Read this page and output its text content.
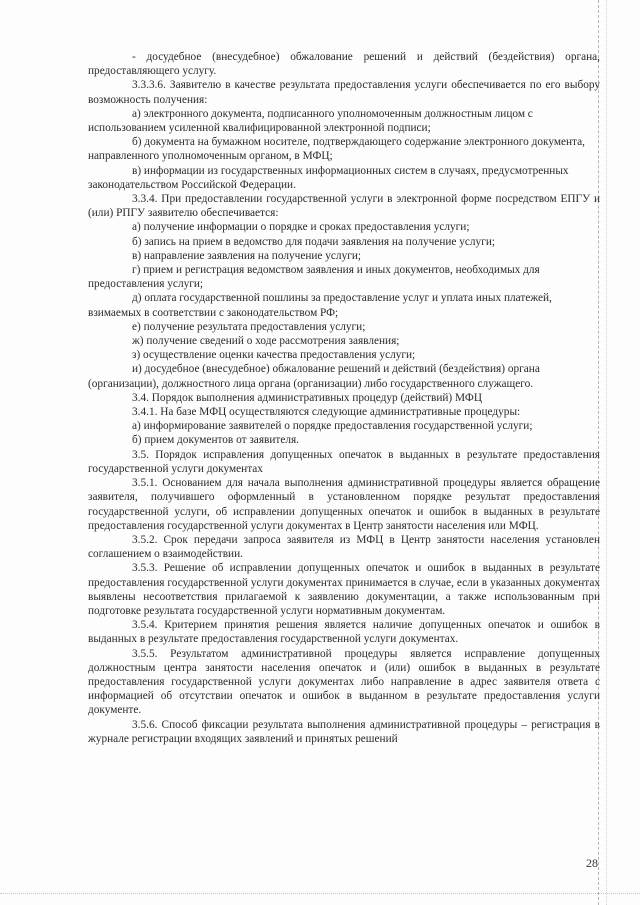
- досудебное (внесудебное) обжалование решений и действий (бездействия) органа, предоставляющего услугу.

3.3.3.6. Заявителю в качестве результата предоставления услуги обеспечивается по его выбору возможность получения:

а) электронного документа, подписанного уполномоченным должностным лицом с использованием усиленной квалифицированной электронной подписи;

б) документа на бумажном носителе, подтверждающего содержание электронного документа, направленного уполномоченным органом, в МФЦ;

в) информации из государственных информационных систем в случаях, предусмотренных законодательством Российской Федерации.

3.3.4. При предоставлении государственной услуги в электронной форме посредством ЕПГУ и (или) РПГУ заявителю обеспечивается:

а) получение информации о порядке и сроках предоставления услуги;

б) запись на прием в ведомство для подачи заявления на получение услуги;

в) направление заявления на получение услуги;

г) прием и регистрация ведомством заявления и иных документов, необходимых для предоставления услуги;

д) оплата государственной пошлины за предоставление услуг и уплата иных платежей, взимаемых в соответствии с законодательством РФ;

е) получение результата предоставления услуги;

ж) получение сведений о ходе рассмотрения заявления;

з) осуществление оценки качества предоставления услуги;

и) досудебное (внесудебное) обжалование решений и действий (бездействия) органа (организации), должностного лица органа (организации) либо государственного служащего.

3.4. Порядок выполнения административных процедур (действий) МФЦ

3.4.1. На базе МФЦ осуществляются следующие административные процедуры:

а) информирование заявителей о порядке предоставления государственной услуги;

б) прием документов от заявителя.

3.5. Порядок исправления допущенных опечаток в выданных в результате предоставления государственной услуги документах

3.5.1. Основанием для начала выполнения административной процедуры является обращение заявителя, получившего оформленный в установленном порядке результат предоставления государственной услуги, об исправлении допущенных опечаток и ошибок в выданных в результате предоставления государственной услуги документах в Центр занятости населения или МФЦ.

3.5.2. Срок передачи запроса заявителя из МФЦ в Центр занятости населения установлен соглашением о взаимодействии.

3.5.3. Решение об исправлении допущенных опечаток и ошибок в выданных в результате предоставления государственной услуги документах принимается в случае, если в указанных документах выявлены несоответствия прилагаемой к заявлению документации, а также использованным при подготовке результата государственной услуги нормативным документам.

3.5.4. Критерием принятия решения является наличие допущенных опечаток и ошибок в выданных в результате предоставления государственной услуги документах.

3.5.5. Результатом административной процедуры является исправление допущенных должностным центра занятости населения опечаток и (или) ошибок в выданных в результате предоставления государственной услуги документах либо направление в адрес заявителя ответа с информацией об отсутствии опечаток и ошибок в выданном в результате предоставления услуги документе.

3.5.6. Способ фиксации результата выполнения административной процедуры – регистрация в журнале регистрации входящих заявлений и принятых решений

28
